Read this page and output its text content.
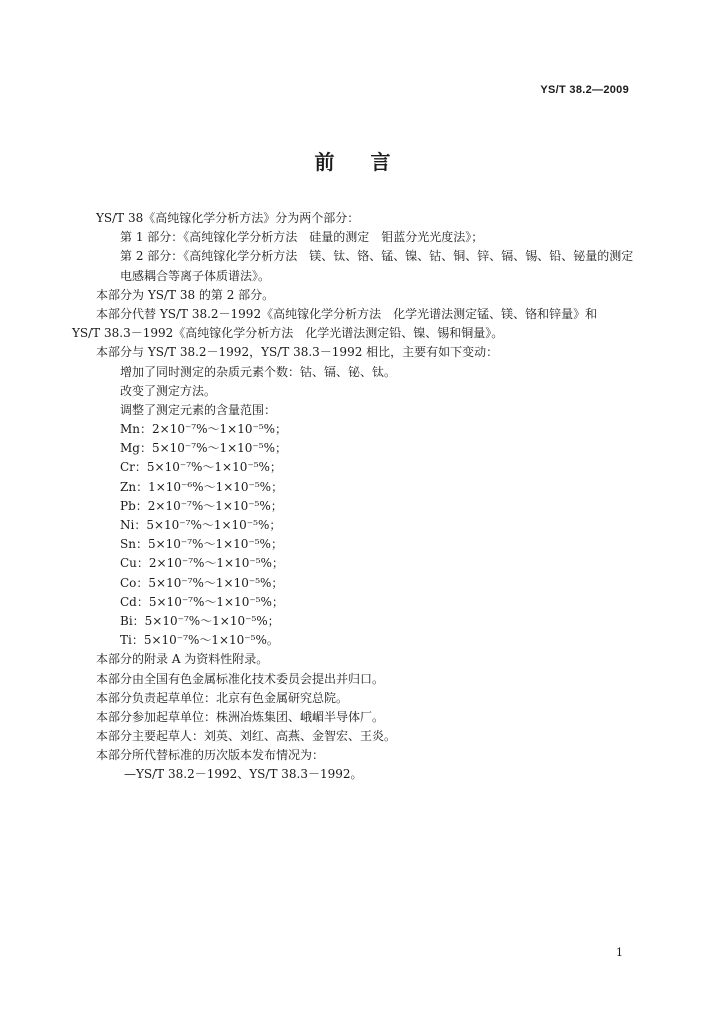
YS/T 38.2—2009
前言
YS/T 38《高纯镓化学分析方法》分为两个部分：
第 1 部分：《高纯镓化学分析方法　硅量的测定　钼蓝分光光度法》；
第 2 部分：《高纯镓化学分析方法　镁、钛、铬、锰、镍、钴、铜、锌、镉、锡、铅、铋量的测定　电感耦合等离子体质谱法》。
本部分为 YS/T 38 的第 2 部分。
本部分代替 YS/T 38.2－1992《高纯镓化学分析方法　化学光谱法测定锰、镁、铬和锌量》和
YS/T 38.3－1992《高纯镓化学分析方法　化学光谱法测定铅、镍、锡和铜量》。
本部分与 YS/T 38.2－1992，YS/T 38.3－1992 相比，主要有如下变动：
增加了同时测定的杂质元素个数：钴、镉、铋、钛。
改变了测定方法。
调整了测定元素的含量范围：
Mn：2×10⁻⁷%～1×10⁻⁵%；
Mg：5×10⁻⁷%～1×10⁻⁵%；
Cr：5×10⁻⁷%～1×10⁻⁵%；
Zn：1×10⁻⁶%～1×10⁻⁵%；
Pb：2×10⁻⁷%～1×10⁻⁵%；
Ni：5×10⁻⁷%～1×10⁻⁵%；
Sn：5×10⁻⁷%～1×10⁻⁵%；
Cu：2×10⁻⁷%～1×10⁻⁵%；
Co：5×10⁻⁷%～1×10⁻⁵%；
Cd：5×10⁻⁷%～1×10⁻⁵%；
Bi：5×10⁻⁷%～1×10⁻⁵%；
Ti：5×10⁻⁷%～1×10⁻⁵%。
本部分的附录 A 为资料性附录。
本部分由全国有色金属标准化技术委员会提出并归口。
本部分负责起草单位：北京有色金属研究总院。
本部分参加起草单位：株洲冶炼集团、峨嵋半导体厂。
本部分主要起草人：刘英、刘红、高燕、金智宏、王炎。
本部分所代替标准的历次版本发布情况为：
—YS/T 38.2－1992、YS/T 38.3－1992。
1
